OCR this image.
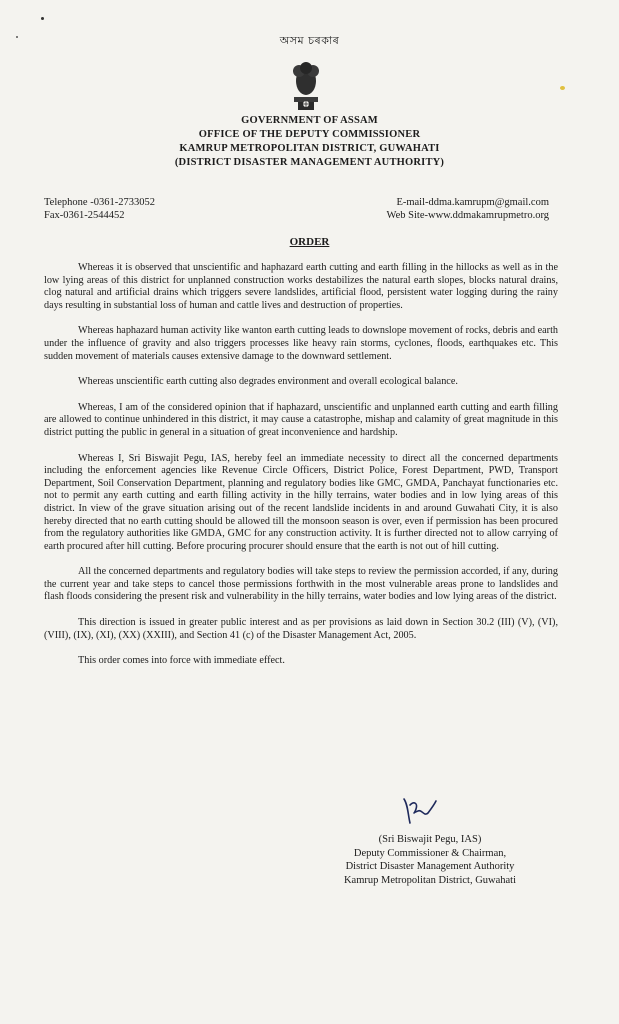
অসম চৰকাৰ
GOVERNMENT OF ASSAM
OFFICE OF THE DEPUTY COMMISSIONER
KAMRUP METROPOLITAN DISTRICT, GUWAHATI
(DISTRICT DISASTER MANAGEMENT AUTHORITY)
Telephone -0361-2733052
Fax-0361-2544452
E-mail-ddma.kamrupm@gmail.com
Web Site-www.ddmakamrupmetro.org
ORDER

Whereas it is observed that unscientific and haphazard earth cutting and earth filling in the hillocks as well as in the low lying areas of this district for unplanned construction works destabilizes the natural earth slopes, blocks natural drains, clog natural and artificial drains which triggers severe landslides, artificial flood, persistent water logging during the rainy days resulting in substantial loss of human and cattle lives and destruction of properties.

Whereas haphazard human activity like wanton earth cutting leads to downslope movement of rocks, debris and earth under the influence of gravity and also triggers processes like heavy rain storms, cyclones, floods, earthquakes etc. This sudden movement of materials causes extensive damage to the downward settlement.

Whereas unscientific earth cutting also degrades environment and overall ecological balance.

Whereas, I am of the considered opinion that if haphazard, unscientific and unplanned earth cutting and earth filling are allowed to continue unhindered in this district, it may cause a catastrophe, mishap and calamity of great magnitude in this district putting the public in general in a situation of great inconvenience and hardship.

Whereas I, Sri Biswajit Pegu, IAS, hereby feel an immediate necessity to direct all the concerned departments including the enforcement agencies like Revenue Circle Officers, District Police, Forest Department, PWD, Transport Department, Soil Conservation Department, planning and regulatory bodies like GMC, GMDA, Panchayat functionaries etc. not to permit any earth cutting and earth filling activity in the hilly terrains, water bodies and in low lying areas of this district. In view of the grave situation arising out of the recent landslide incidents in and around Guwahati City, it is also hereby directed that no earth cutting should be allowed till the monsoon season is over, even if permission has been procured from the regulatory authorities like GMDA, GMC for any construction activity. It is further directed not to allow carrying of earth procured after hill cutting. Before procuring procurer should ensure that the earth is not out of hill cutting.

All the concerned departments and regulatory bodies will take steps to review the permission accorded, if any, during the current year and take steps to cancel those permissions forthwith in the most vulnerable areas prone to landslides and flash floods considering the present risk and vulnerability in the hilly terrains, water bodies and low lying areas of the district.

This direction is issued in greater public interest and as per provisions as laid down in Section 30.2 (III) (V), (VI), (VIII), (IX), (XI), (XX) (XXIII), and Section 41 (c) of the Disaster Management Act, 2005.

This order comes into force with immediate effect.

(Sri Biswajit Pegu, IAS)
Deputy Commissioner & Chairman,
District Disaster Management Authority
Kamrup Metropolitan District, Guwahati
